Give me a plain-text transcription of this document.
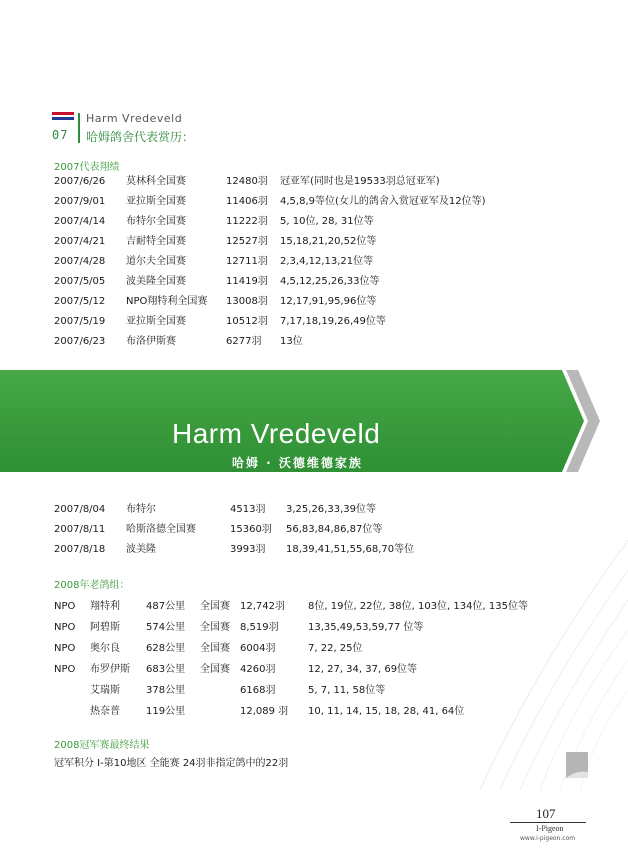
07
Harm Vredeveld
哈姆鸽舍代表赏历：
2007代表翔绩
2007/6/26 莫林科全国赛	12480羽 冠亚军(同时也是19533羽总冠亚军)
2007/9/01 亚拉斯全国赛	11406羽 4,5,8,9等位(女儿的鸽舍入赏冠亚军及12位等)
2007/4/14 布特尔全国赛	11222羽 5, 10位, 28, 31位等
2007/4/21 吉耐特全国赛	12527羽 15,18,21,20,52位等
2007/4/28 道尔夫全国赛	12711羽 2,3,4,12,13,21位等
2007/5/05 波美隆全国赛	11419羽 4,5,12,25,26,33位等
2007/5/12 NPO翔特利全国赛 13008羽 12,17,91,95,96位等
2007/5/19 亚拉斯全国赛	10512羽 7,17,18,19,26,49位等
2007/6/23 布洛伊斯赛	6277羽 13位
Harm Vredeveld
哈姆 · 沃德维德家族
2007/8/04 布特尔	4513羽 3,25,26,33,39位等
2007/8/11 哈斯洛德全国赛	15360羽 56,83,84,86,87位等
2007/8/18 波美隆	3993羽 18,39,41,51,55,68,70等位
2008年老鸽组：
NPO 翔特利	487公里 全国赛 12,742羽 8位, 19位, 22位, 38位, 103位, 134位, 135位等
NPO 阿碧斯	574公里 全国赛 8,519羽	13,35,49,53,59,77 位等
NPO 奥尔良	628公里 全国赛 6004羽	7, 22, 25位
NPO 布罗伊斯 683公里 全国赛 4260羽	12, 27, 34, 37, 69位等
艾瑞斯	378公里	6168羽	5, 7, 11, 58位等
热奈普	119公里	12,089 羽 10, 11, 14, 15, 18, 28, 41, 64位
2008冠军赛最终结果
冠军积分 I-第10地区 全能赛 24羽非指定鸽中的22羽
107
I-Pigeon
www.i-pigeon.com
